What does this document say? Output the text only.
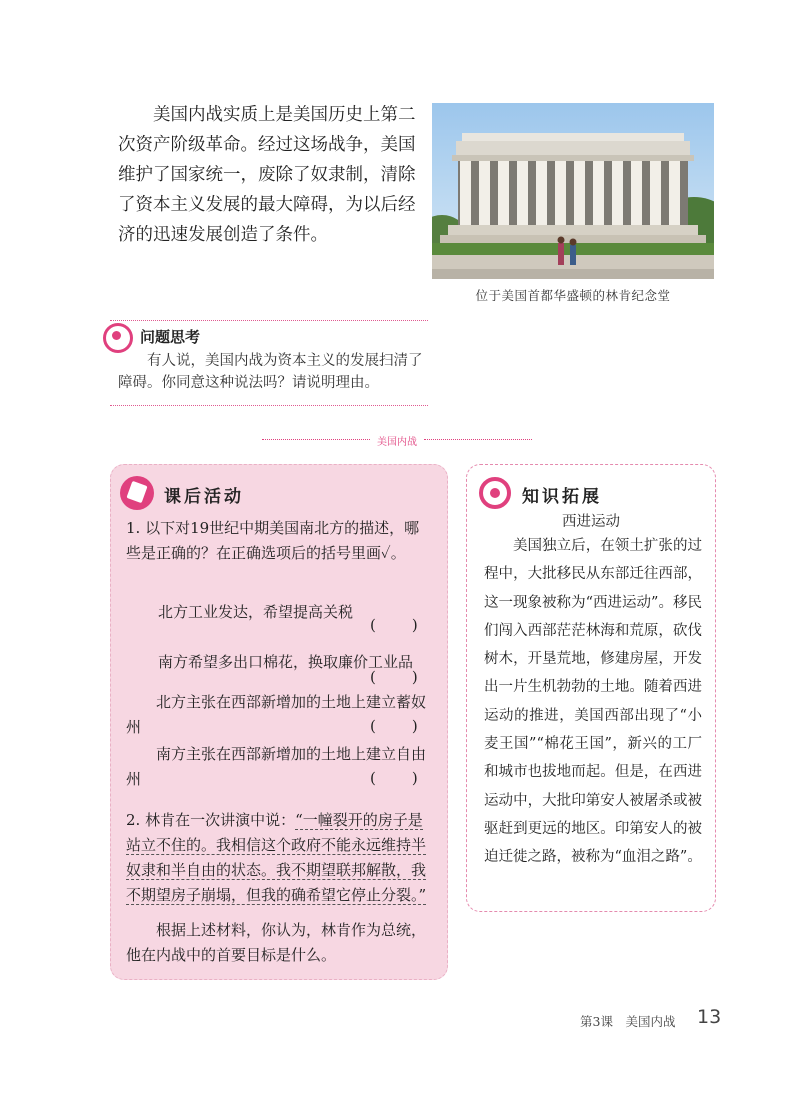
美国内战实质上是美国历史上第二次资产阶级革命。经过这场战争，美国维护了国家统一，废除了奴隶制，清除了资本主义发展的最大障碍，为以后经济的迅速发展创造了条件。

位于美国首都华盛顿的林肯纪念堂
问题思考

有人说，美国内战为资本主义的发展扫清了障碍。你同意这种说法吗？请说明理由。

美国内战
课后活动

1. 以下对19世纪中期美国南北方的描述，哪些是正确的？在正确选项后的括号里画✓。

北方工业发达，希望提高关税
(　　)
南方希望多出口棉花，换取廉价工业品
(　　)
北方主张在西部新增加的土地上建立蓄奴州	(　　)
南方主张在西部新增加的土地上建立自由州	(　　)

2. 林肯在一次讲演中说：“一幢裂开的房子是站立不住的。我相信这个政府不能永远维持半奴隶和半自由的状态。我不期望联邦解散，我不期望房子崩塌，但我的确希望它停止分裂。”

根据上述材料，你认为，林肯作为总统，他在内战中的首要目标是什么。

知识拓展
西进运动

美国独立后，在领土扩张的过程中，大批移民从东部迁往西部，这一现象被称为“西进运动”。移民们闯入西部茫茫林海和荒原，砍伐树木，开垦荒地，修建房屋，开发出一片生机勃勃的土地。随着西进运动的推进，美国西部出现了“小麦王国”“棉花王国”，新兴的工厂和城市也拔地而起。但是，在西进运动中，大批印第安人被屠杀或被驱赶到更远的地区。印第安人的被迫迁徙之路，被称为“血泪之路”。

第3课　美国内战 13
